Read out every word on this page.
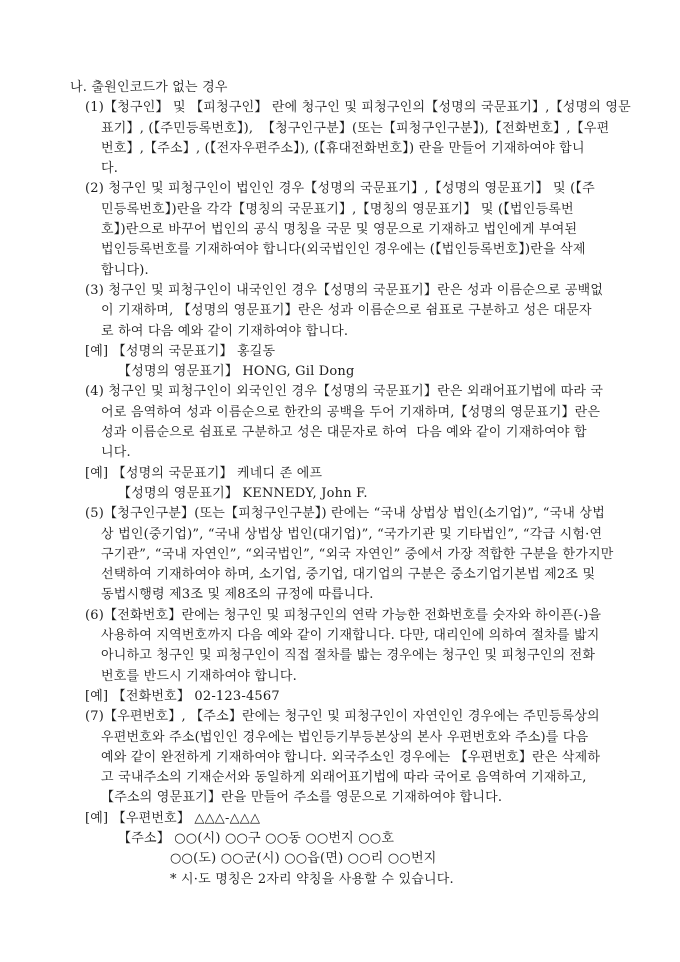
나. 출원인코드가 없는 경우
(1)【청구인】 및 【피청구인】 란에 청구인 및 피청구인의【성명의 국문표기】,【성명의 영문
표기】, (【주민등록번호】),  【청구인구분】(또는【피청구인구분】),【전화번호】,【우편
번호】,【주소】, (【전자우편주소】), (【휴대전화번호】) 란을 만들어 기재하여야 합니
다.
(2) 청구인 및 피청구인이 법인인 경우【성명의 국문표기】,【성명의 영문표기】 및 (【주
민등록번호】)란을 각각【명칭의 국문표기】,【명칭의 영문표기】 및 (【법인등록번
호】)란으로 바꾸어 법인의 공식 명칭을 국문 및 영문으로 기재하고 법인에게 부여된
법인등록번호를 기재하여야 합니다(외국법인인 경우에는 (【법인등록번호】)란을 삭제
합니다).
(3) 청구인 및 피청구인이 내국인인 경우【성명의 국문표기】란은 성과 이름순으로 공백없
이 기재하며, 【성명의 영문표기】란은 성과 이름순으로 쉼표로 구분하고 성은 대문자
로 하여 다음 예와 같이 기재하여야 합니다.
[예] 【성명의 국문표기】 홍길동
【성명의 영문표기】 HONG, Gil Dong
(4) 청구인 및 피청구인이 외국인인 경우【성명의 국문표기】란은 외래어표기법에 따라 국
어로 음역하여 성과 이름순으로 한칸의 공백을 두어 기재하며,【성명의 영문표기】란은
성과 이름순으로 쉼표로 구분하고 성은 대문자로 하여  다음 예와 같이 기재하여야 합
니다.
[예] 【성명의 국문표기】 케네디 존 에프
【성명의 영문표기】 KENNEDY, John F.
(5)【청구인구분】(또는【피청구인구분】) 란에는 “국내 상법상 법인(소기업)”, “국내 상법
상 법인(중기업)”, “국내 상법상 법인(대기업)”, “국가기관 및 기타법인”, “각급 시험·연
구기관”, “국내 자연인”, “외국법인”, “외국 자연인” 중에서 가장 적합한 구분을 한가지만
선택하여 기재하여야 하며, 소기업, 중기업, 대기업의 구분은 중소기업기본법 제2조 및
동법시행령 제3조 및 제8조의 규정에 따릅니다.
(6)【전화번호】란에는 청구인 및 피청구인의 연락 가능한 전화번호를 숫자와 하이픈(-)을
사용하여 지역번호까지 다음 예와 같이 기재합니다. 다만, 대리인에 의하여 절차를 밟지
아니하고 청구인 및 피청구인이 직접 절차를 밟는 경우에는 청구인 및 피청구인의 전화
번호를 반드시 기재하여야 합니다.
[예] 【전화번호】 02-123-4567
(7)【우편번호】, 【주소】란에는 청구인 및 피청구인이 자연인인 경우에는 주민등록상의
우편번호와 주소(법인인 경우에는 법인등기부등본상의 본사 우편번호와 주소)를 다음
예와 같이 완전하게 기재하여야 합니다. 외국주소인 경우에는 【우편번호】란은 삭제하
고 국내주소의 기재순서와 동일하게 외래어표기법에 따라 국어로 음역하여 기재하고,
【주소의 영문표기】란을 만들어 주소를 영문으로 기재하여야 합니다.
[예] 【우편번호】 △△△-△△△
【주소】 ○○(시) ○○구 ○○동 ○○번지 ○○호
○○(도) ○○군(시) ○○읍(면) ○○리 ○○번지
* 시·도 명칭은 2자리 약칭을 사용할 수 있습니다.
